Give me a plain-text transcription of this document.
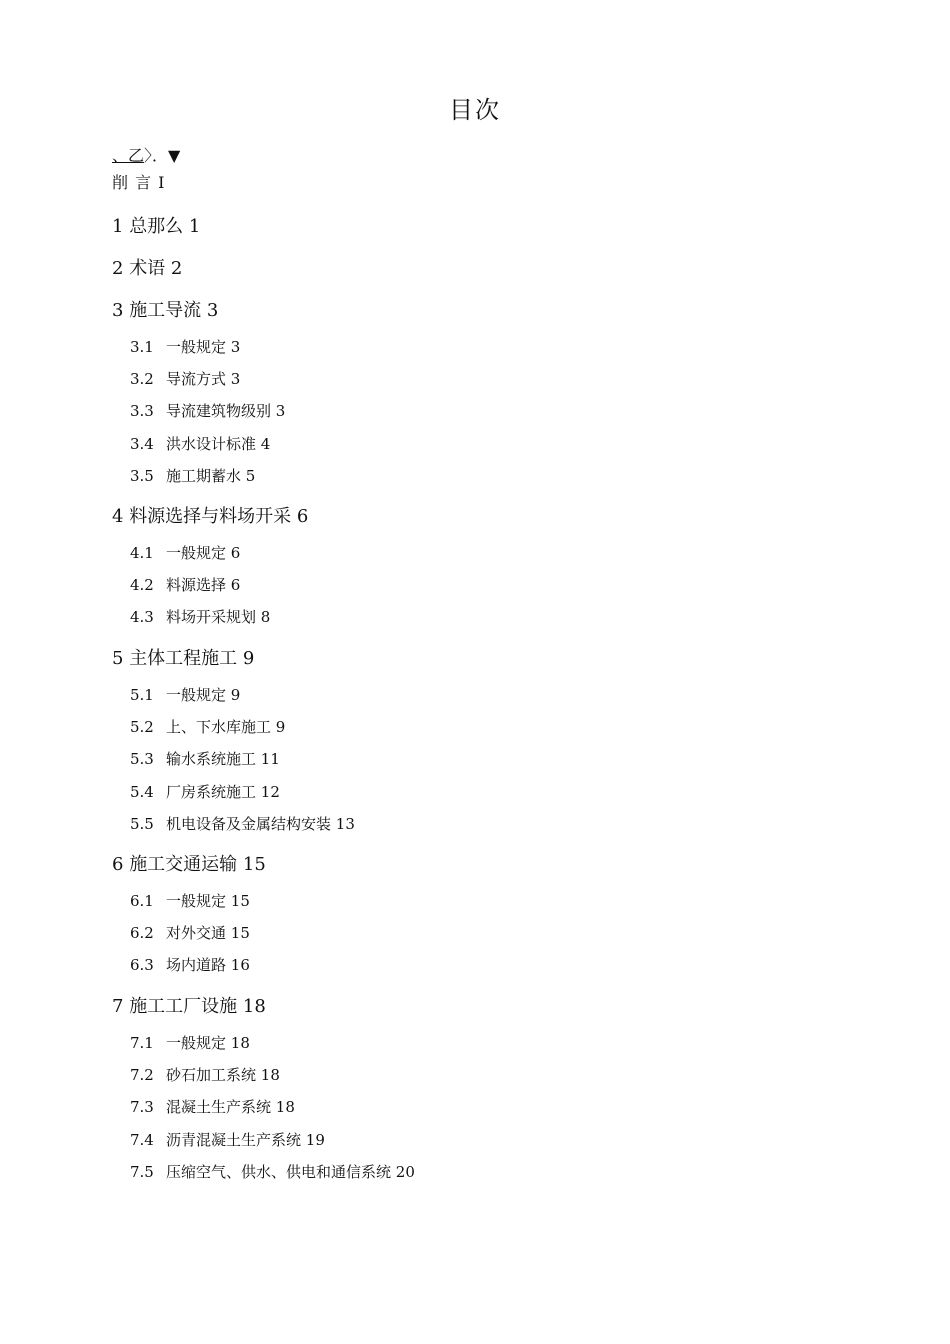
目次
、乙〉．▼
削 言 I
1 总那么 1
2 术语 2
3 施工导流 3
3.1 一般规定 3
3.2 导流方式 3
3.3 导流建筑物级别 3
3.4 洪水设计标准 4
3.5 施工期蓄水 5
4 料源选择与料场开采 6
4.1 一般规定 6
4.2 料源选择 6
4.3 料场开采规划 8
5 主体工程施工 9
5.1 一般规定 9
5.2 上、下水库施工 9
5.3 输水系统施工 11
5.4 厂房系统施工 12
5.5 机电设备及金属结构安装 13
6 施工交通运输 15
6.1 一般规定 15
6.2 对外交通 15
6.3 场内道路 16
7 施工工厂设施 18
7.1 一般规定 18
7.2 砂石加工系统 18
7.3 混凝土生产系统 18
7.4 沥青混凝土生产系统 19
7.5 压缩空气、供水、供电和通信系统 20
